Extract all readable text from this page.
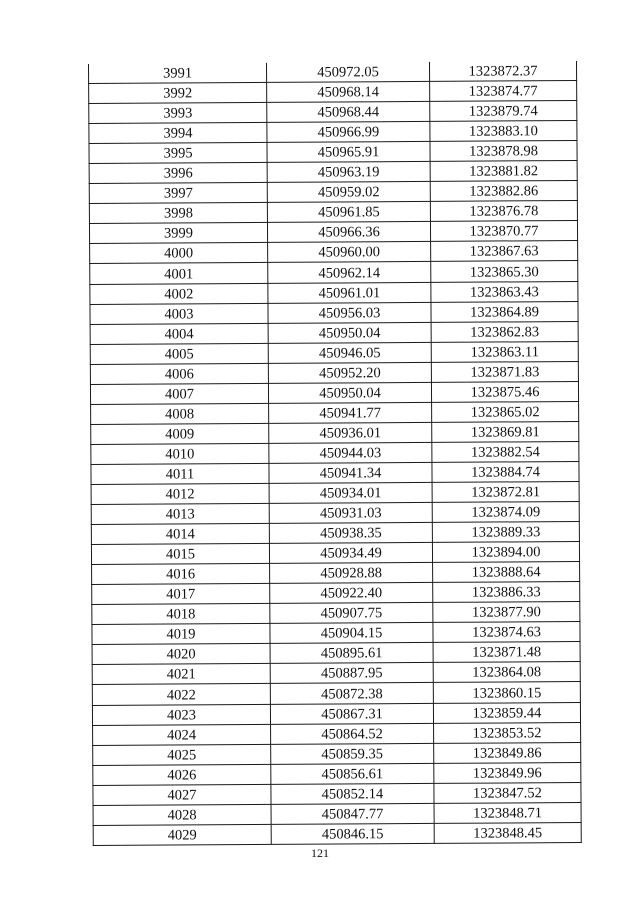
3991	450972.05	1323872.37
3992	450968.14	1323874.77
3993	450968.44	1323879.74
3994	450966.99	1323883.10
3995	450965.91	1323878.98
3996	450963.19	1323881.82
3997	450959.02	1323882.86
3998	450961.85	1323876.78
3999	450966.36	1323870.77
4000	450960.00	1323867.63
4001	450962.14	1323865.30
4002	450961.01	1323863.43
4003	450956.03	1323864.89
4004	450950.04	1323862.83
4005	450946.05	1323863.11
4006	450952.20	1323871.83
4007	450950.04	1323875.46
4008	450941.77	1323865.02
4009	450936.01	1323869.81
4010	450944.03	1323882.54
4011	450941.34	1323884.74
4012	450934.01	1323872.81
4013	450931.03	1323874.09
4014	450938.35	1323889.33
4015	450934.49	1323894.00
4016	450928.88	1323888.64
4017	450922.40	1323886.33
4018	450907.75	1323877.90
4019	450904.15	1323874.63
4020	450895.61	1323871.48
4021	450887.95	1323864.08
4022	450872.38	1323860.15
4023	450867.31	1323859.44
4024	450864.52	1323853.52
4025	450859.35	1323849.86
4026	450856.61	1323849.96
4027	450852.14	1323847.52
4028	450847.77	1323848.71
4029	450846.15	1323848.45
121
